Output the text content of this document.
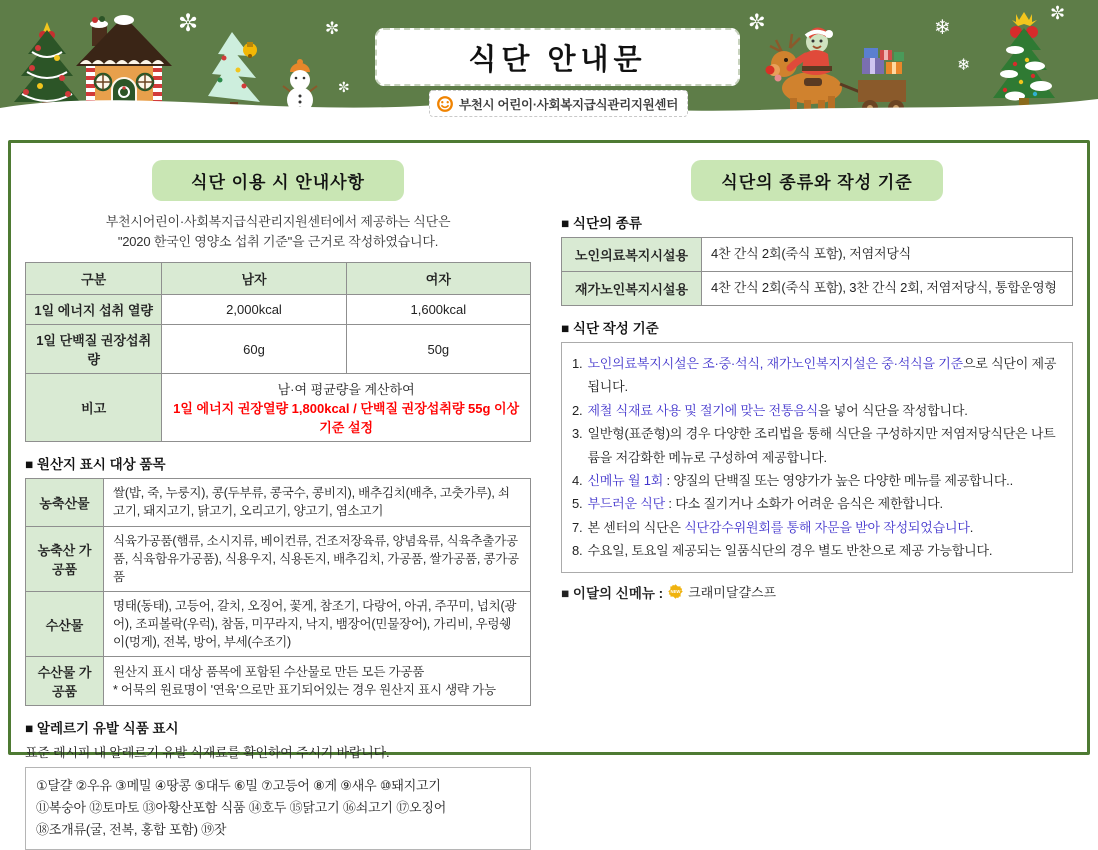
✼	✼
✼
✼	❄
❄
✼
식단 안내문
부천시 어린이·사회복지급식관리지원센터
식단 이용 시 안내사항
부천시어린이·사회복지급식관리지원센터에서 제공하는 식단은
"2020 한국인 영양소 섭취 기준"을 근거로 작성하였습니다.
구분	남자	여자
1일 에너지 섭취 열량	2,000kcal	1,600kcal
1일 단백질 권장섭취량	60g	50g
비고	남·여 평균량을 계산하여
1일 에너지 권장열량 1,800kcal / 단백질 권장섭취량 55g 이상 기준 설정	
■ 원산지 표시 대상 품목
농축산물	쌀(밥, 죽, 누룽지), 콩(두부류, 콩국수, 콩비지), 배추김치(배추, 고춧가루), 쇠고기, 돼지고기, 닭고기, 오리고기, 양고기, 염소고기
농축산 가공품	식육가공품(햄류, 소시지류, 베이컨류, 건조저장육류, 양념육류, 식육추출가공품, 식육함유가공품), 식용우지, 식용돈지, 배추김치, 가공품, 쌀가공품, 콩가공품
수산물	명태(동태), 고등어, 갈치, 오징어, 꽃게, 참조기, 다랑어, 아귀, 주꾸미, 넙치(광어), 조피볼락(우럭), 참돔, 미꾸라지, 낙지, 뱀장어(민물장어), 가리비, 우렁쉥이(멍게), 전복, 방어, 부세(수조기)
수산물 가공품	원산지 표시 대상 품목에 포함된 수산물로 만든 모든 가공품
* 어묵의 원료명이 '연육'으로만 표기되어있는 경우 원산지 표시 생략 가능
■ 알레르기 유발 식품 표시
표준 레시피 내 알레르기 유발 식재료를 확인하여 주시기 바랍니다.
①달걀 ②우유 ③메밀 ④땅콩 ⑤대두 ⑥밀 ⑦고등어 ⑧게 ⑨새우 ⑩돼지고기
⑪복숭아 ⑫토마토 ⑬아황산포함 식품 ⑭호두 ⑮닭고기 ⑯쇠고기 ⑰오징어
⑱조개류(굴, 전복, 홍합 포함) ⑲잣
식단의 종류와 작성 기준
■ 식단의 종류
노인의료복지시설용	4찬 간식 2회(죽식 포함), 저염저당식
재가노인복지시설용	4찬 간식 2회(죽식 포함), 3찬 간식 2회, 저염저당식, 통합운영형
■ 식단 작성 기준
1. 노인의료복지시설은 조·중·석식, 재가노인복지지설은 중·석식을 기준으로 식단이 제공됩니다.
2. 제철 식재료 사용 및 절기에 맞는 전통음식을 넣어 식단을 작성합니다.
3. 일반형(표준형)의 경우 다양한 조리법을 통해 식단을 구성하지만 저염저당식단은 나트륨을 저감화한 메뉴로 구성하여 제공합니다.
4. 신메뉴 월 1회 : 양질의 단백질 또는 영양가가 높은 다양한 메뉴를 제공합니다..
5. 부드러운 식단 : 다소 질기거나 소화가 어려운 음식은 제한합니다.
7. 본 센터의 식단은 식단감수위원회를 통해 자문을 받아 작성되었습니다.
8. 수요일, 토요일 제공되는 일품식단의 경우 별도 반찬으로 제공 가능합니다.
■ 이달의 신메뉴 : NEW 크래미달걀스프
